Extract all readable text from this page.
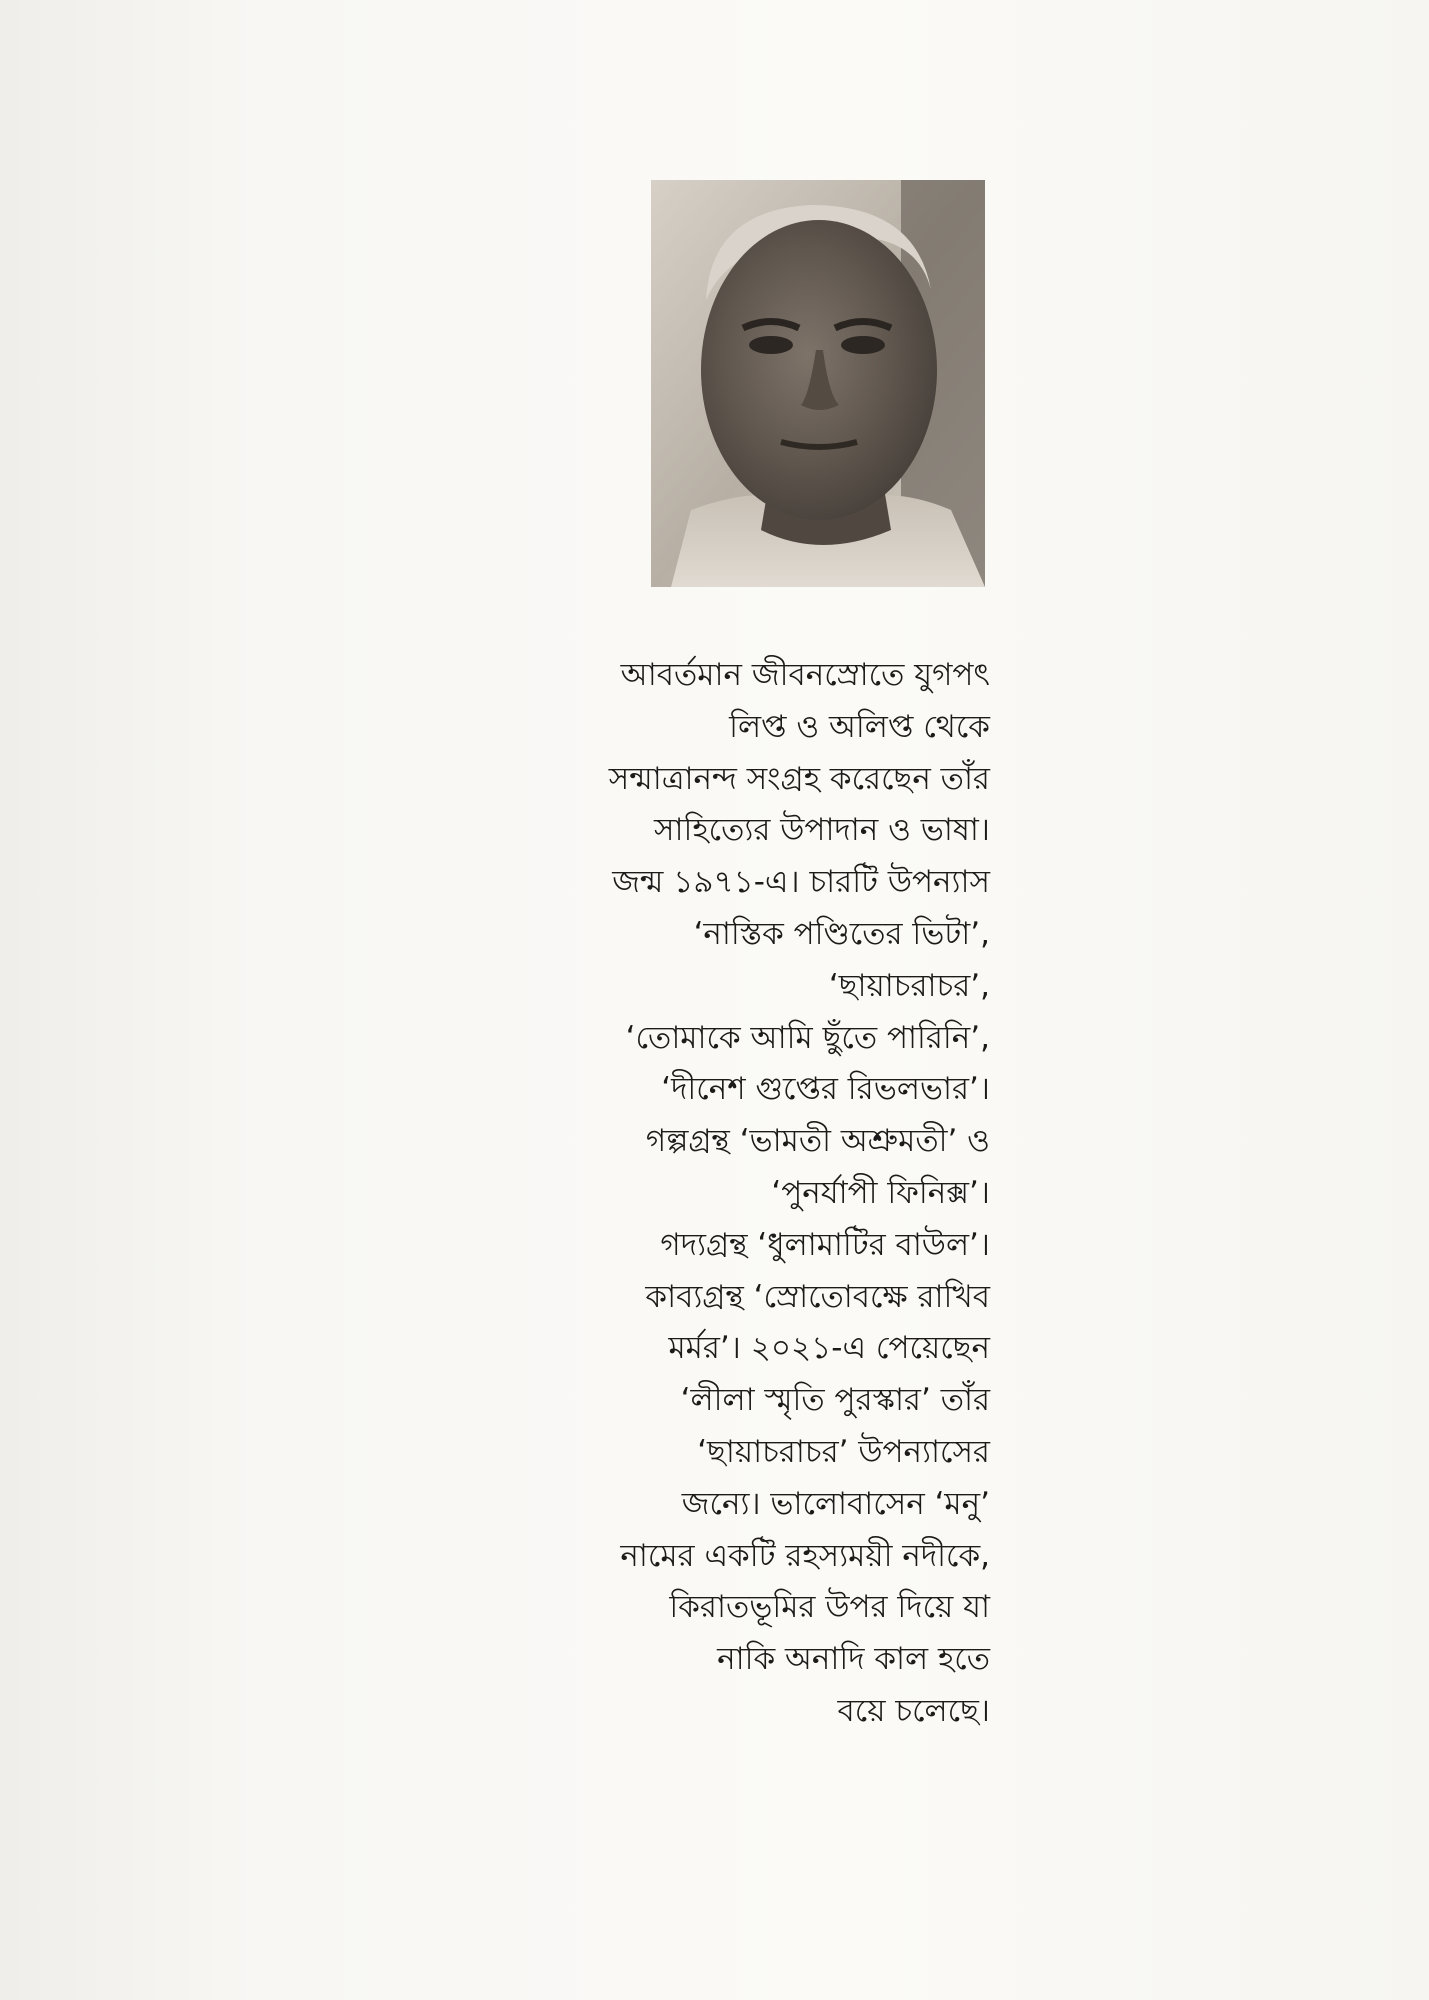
আবর্তমান জীবনস্রোতে যুগপৎ
লিপ্ত ও অলিপ্ত থেকে
সন্মাত্রানন্দ সংগ্রহ করেছেন তাঁর
সাহিত্যের উপাদান ও ভাষা।
জন্ম ১৯৭১-এ। চারটি উপন্যাস
‘নাস্তিক পণ্ডিতের ভিটা’,
‘ছায়াচরাচর’,
‘তোমাকে আমি ছুঁতে পারিনি’,
‘দীনেশ গুপ্তের রিভলভার’।
গল্পগ্রন্থ ‘ভামতী অশ্রুমতী’ ও
‘পুনর্যাপী ফিনিক্স’।
গদ্যগ্রন্থ ‘ধুলামাটির বাউল’।
কাব্যগ্রন্থ ‘স্রোতোবক্ষে রাখিব
মর্মর’। ২০২১-এ পেয়েছেন
‘লীলা স্মৃতি পুরস্কার’ তাঁর
‘ছায়াচরাচর’ উপন্যাসের
জন্যে। ভালোবাসেন ‘মনু’
নামের একটি রহস্যময়ী নদীকে,
কিরাতভূমির উপর দিয়ে যা
নাকি অনাদি কাল হতে
বয়ে চলেছে।
